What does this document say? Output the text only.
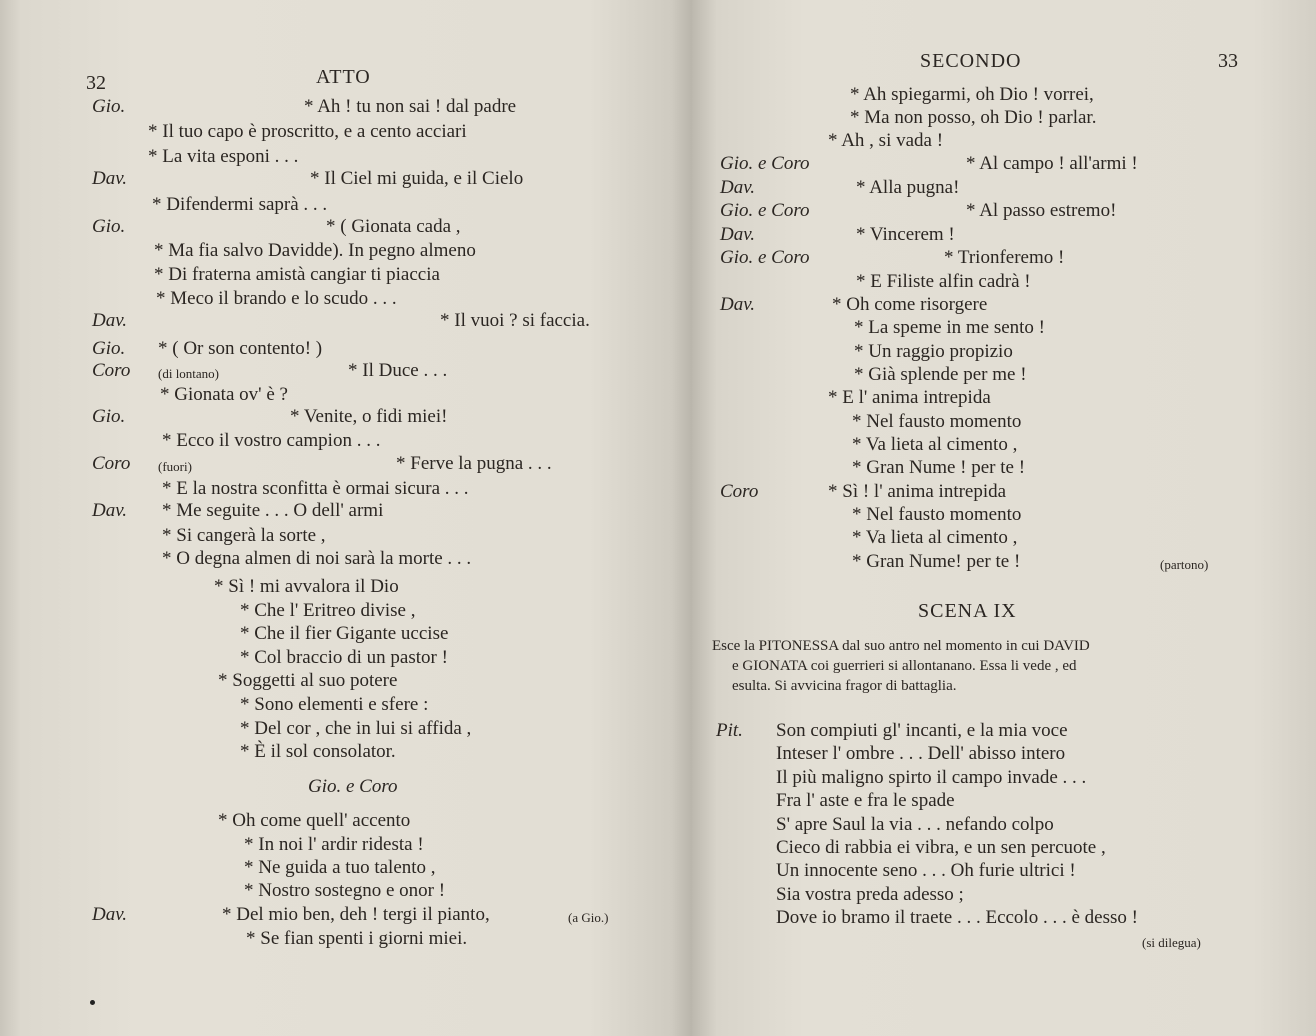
32	ATTO
Gio.	* Ah ! tu non sai ! dal padre
* Il tuo capo è proscritto, e a cento acciari
* La vita esponi . . .
Dav.	* Il Ciel mi guida, e il Cielo
* Difendermi saprà . . .
Gio.	* ( Gionata cada ,
* Ma fia salvo Davidde). In pegno almeno
* Di fraterna amistà cangiar ti piaccia
* Meco il brando e lo scudo . . .
Dav.	* Il vuoi ? si faccia.
Gio. * ( Or son contento! )
Coro (di lontano)	* Il Duce . . .
* Gionata ov' è ?
Gio.	* Venite, o fidi miei!
* Ecco il vostro campion . . .
Coro (fuori)	* Ferve la pugna . . .
* E la nostra sconfitta è ormai sicura . . .
Dav. * Me seguite . . . O dell' armi
* Si cangerà la sorte ,
* O degna almen di noi sarà la morte . . .
* Sì ! mi avvalora il Dio
* Che l' Eritreo divise ,
* Che il fier Gigante uccise
* Col braccio di un pastor !
* Soggetti al suo potere
* Sono elementi e sfere :
* Del cor , che in lui si affida ,
* È il sol consolator.
Gio. e Coro
* Oh come quell' accento
* In noi l' ardir ridesta !
* Ne guida a tuo talento ,
* Nostro sostegno e onor !
Dav.	* Del mio ben, deh ! tergi il pianto,	(a Gio.)
* Se fian spenti i giorni miei.
SECONDO	33
* Ah spiegarmi, oh Dio ! vorrei,
* Ma non posso, oh Dio ! parlar.
* Ah , si vada !
Gio. e Coro	* Al campo ! all'armi !
Dav.	* Alla pugna!
Gio. e Coro	* Al passo estremo!
Dav.	* Vincerem !
Gio. e Coro	* Trionferemo !
* E Filiste alfin cadrà !
Dav.	* Oh come risorgere
* La speme in me sento !
* Un raggio propizio
* Già splende per me !
* E l' anima intrepida
* Nel fausto momento
* Va lieta al cimento ,
* Gran Nume ! per te !
Coro	* Sì ! l' anima intrepida
* Nel fausto momento
* Va lieta al cimento ,
* Gran Nume! per te !	(partono)
SCENA IX
Esce la PITONESSA dal suo antro nel momento in cui DAVID
e GIONATA coi guerrieri si allontanano. Essa li vede , ed
esulta. Si avvicina fragor di battaglia.
Pit. Son compiuti gl' incanti, e la mia voce
Inteser l' ombre . . . Dell' abisso intero
Il più maligno spirto il campo invade . . .
Fra l' aste e fra le spade
S' apre Saul la via . . . nefando colpo
Cieco di rabbia ei vibra, e un sen percuote ,
Un innocente seno . . . Oh furie ultrici !
Sia vostra preda adesso ;
Dove io bramo il traete . . . Eccolo . . . è desso !
(si dilegua)
